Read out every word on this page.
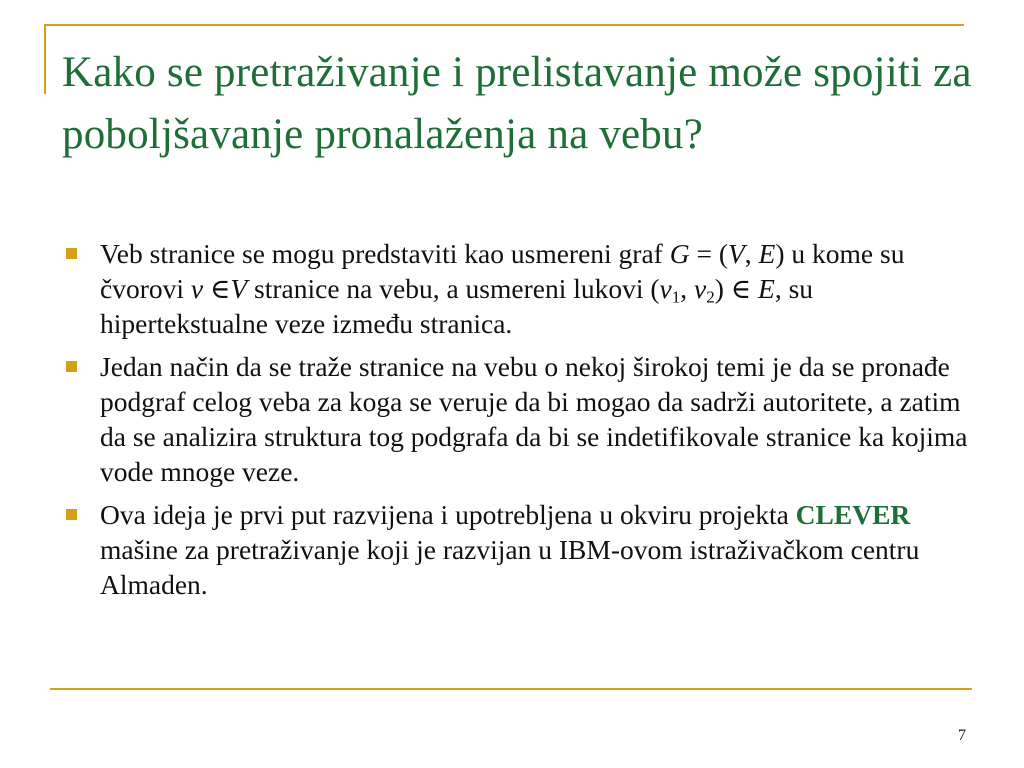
Kako se pretraživanje i prelistavanje može spojiti za poboljšavanje pronalaženja na vebu?
Veb stranice se mogu predstaviti kao usmereni graf G = (V, E) u kome su čvorovi v ∈V stranice na vebu, a usmereni lukovi ($v_1$, $v_2$) ∈ E, su hipertekstualne veze između stranica.
Jedan način da se traže stranice na vebu o nekoj širokoj temi je da se pronađe podgraf celog veba za koga se veruje da bi mogao da sadrži autoritete, a zatim da se analizira struktura tog podgrafa da bi se indetifikovale stranice ka kojima vode mnoge veze.
Ova ideja je prvi put razvijena i upotrebljena u okviru projekta CLEVER mašine za pretraživanje koji je razvijan u IBM-ovom istraživačkom centru Almaden.
7
